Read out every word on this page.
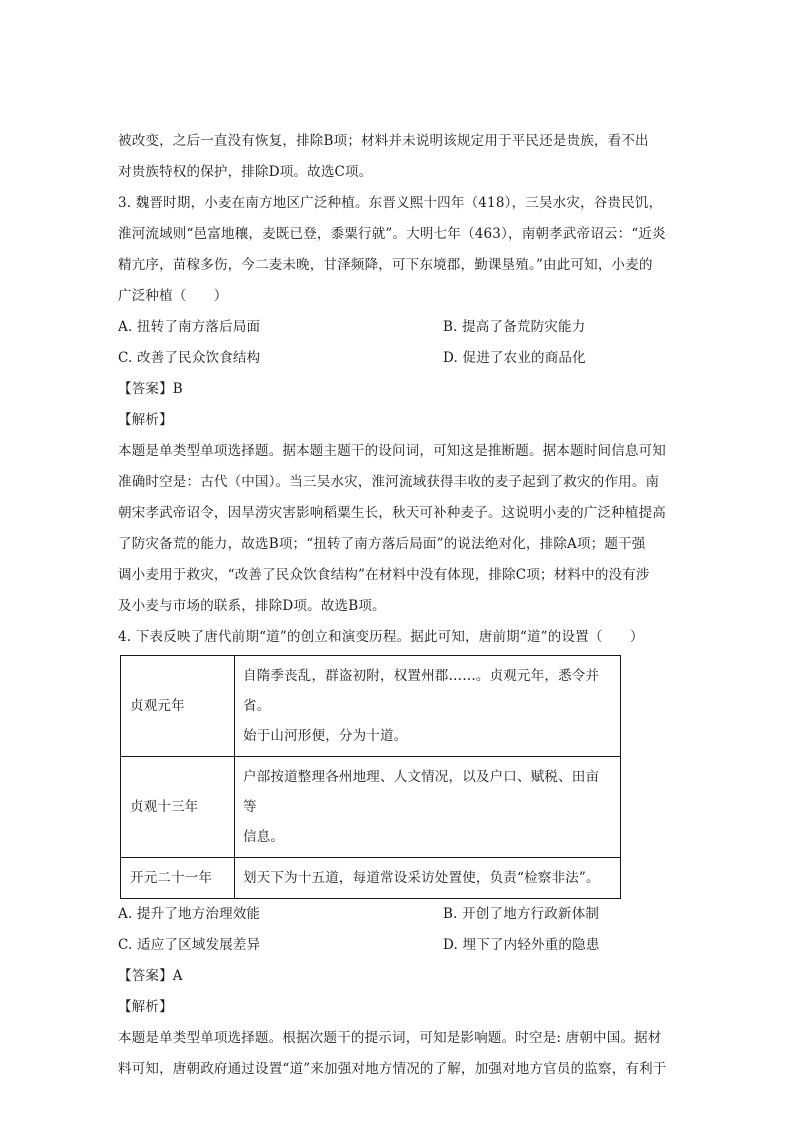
被改变，之后一直没有恢复，排除B项；材料并未说明该规定用于平民还是贵族，看不出

对贵族特权的保护，排除D项。故选C项。

3. 魏晋时期，小麦在南方地区广泛种植。东晋义熙十四年（418），三吴水灾，谷贵民饥，

淮河流域则“邑富地穰，麦既已登，黍粟行就”。大明七年（463），南朝孝武帝诏云：“近炎

精亢序，苗稼多伤，今二麦未晚，甘泽频降，可下东境郡，勤课垦殖。”由此可知，小麦的

广泛种植（　　）

A. 扭转了南方落后局面	B. 提高了备荒防灾能力
C. 改善了民众饮食结构	D. 促进了农业的商品化

【答案】B

【解析】

本题是单类型单项选择题。据本题主题干的设问词，可知这是推断题。据本题时间信息可知

准确时空是：古代（中国）。当三吴水灾，淮河流域获得丰收的麦子起到了救灾的作用。南

朝宋孝武帝诏令，因旱涝灾害影响稻粟生长，秋天可补种麦子。这说明小麦的广泛种植提高

了防灾备荒的能力，故选B项；“扭转了南方落后局面”的说法绝对化，排除A项；题干强

调小麦用于救灾，“改善了民众饮食结构”在材料中没有体现，排除C项；材料中的没有涉

及小麦与市场的联系，排除D项。故选B项。

4. 下表反映了唐代前期“道”的创立和演变历程。据此可知，唐前期“道”的设置（　　）

贞观元年	自隋季丧乱，群盗初附，权置州郡……。贞观元年，悉令并省。
始于山河形便，分为十道。

贞观十三年	户部按道整理各州地理、人文情况，以及户口、赋税、田亩等
信息。

开元二十一年	划天下为十五道，每道常设采访处置使，负责“检察非法”。
A. 提升了地方治理效能	B. 开创了地方行政新体制
C. 适应了区域发展差异	D. 埋下了内轻外重的隐患

【答案】A

【解析】

本题是单类型单项选择题。根据次题干的提示词，可知是影响题。时空是: 唐朝中国。据材

料可知，唐朝政府通过设置“道”来加强对地方情况的了解，加强对地方官员的监察，有利于
